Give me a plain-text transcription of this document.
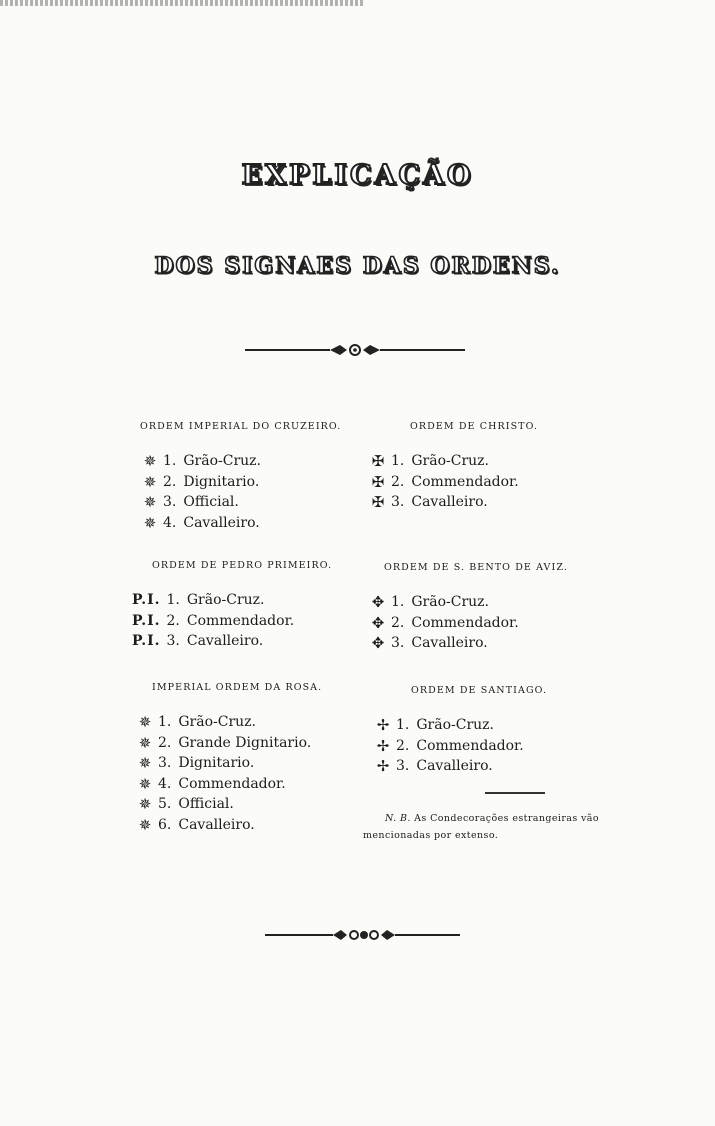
EXPLICAÇÃO
DOS SIGNAES DAS ORDENS.
ORDEM IMPERIAL DO CRUZEIRO.
✵ 1. Grão-Cruz.
✵ 2. Dignitario.
✵ 3. Official.
✵ 4. Cavalleiro.
ORDEM DE CHRISTO.
✠ 1. Grão-Cruz.
✠ 2. Commendador.
✠ 3. Cavalleiro.
ORDEM DE PEDRO PRIMEIRO.
P.I. 1. Grão-Cruz.
P.I. 2. Commendador.
P.I. 3. Cavalleiro.
ORDEM DE S. BENTO DE AVIZ.
✥ 1. Grão-Cruz.
✥ 2. Commendador.
✥ 3. Cavalleiro.
IMPERIAL ORDEM DA ROSA.
✵ 1. Grão-Cruz.
✵ 2. Grande Dignitario.
✵ 3. Dignitario.
✵ 4. Commendador.
✵ 5. Official.
✵ 6. Cavalleiro.
ORDEM DE SANTIAGO.
✢ 1. Grão-Cruz.
✢ 2. Commendador.
✢ 3. Cavalleiro.
N. B. As Condecorações estrangeiras vão mencionadas por extenso.
